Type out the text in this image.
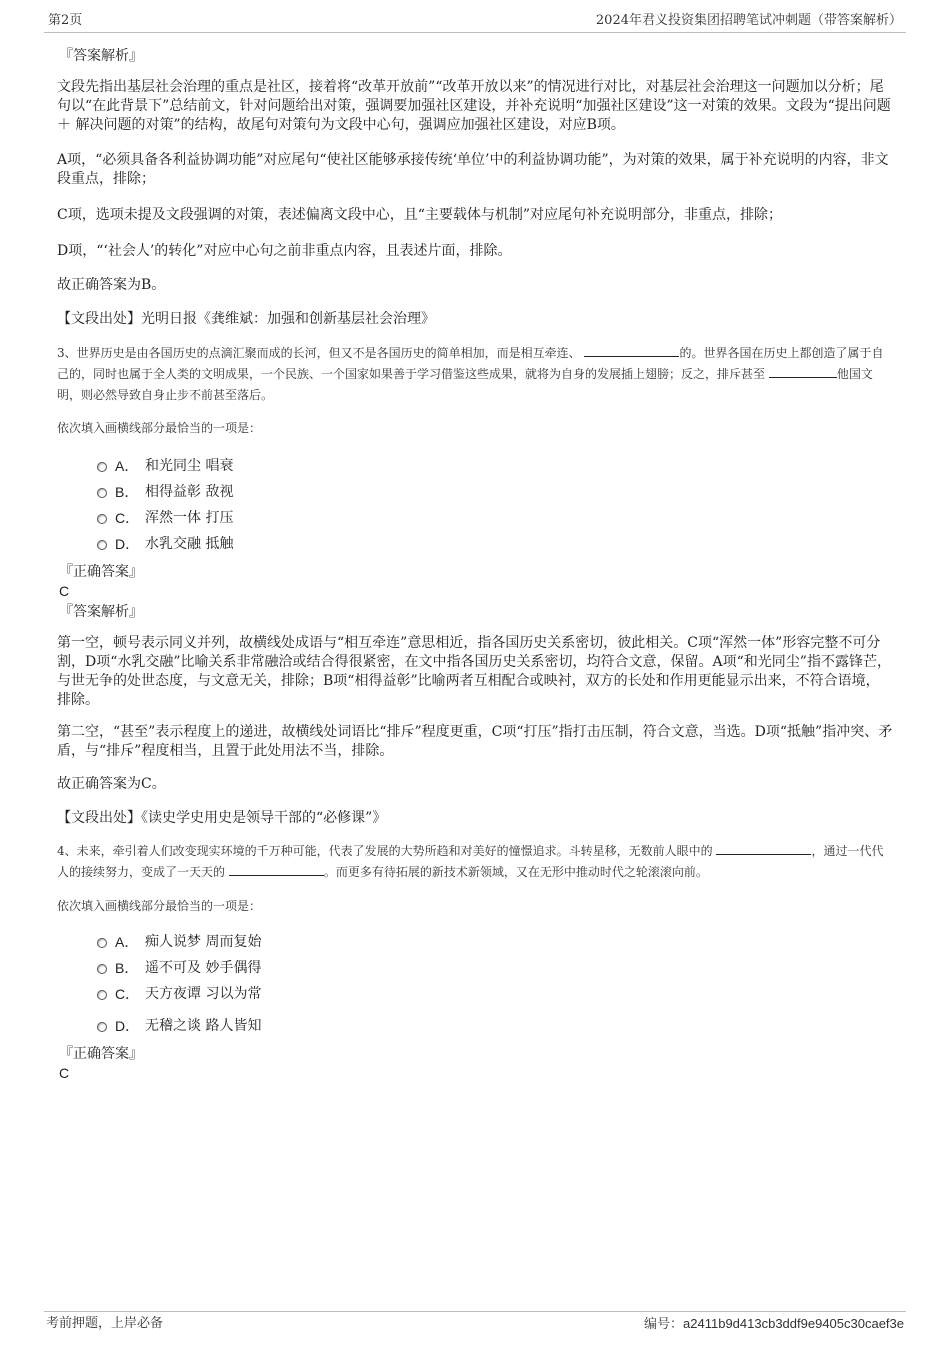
第2页	2024年君义投资集团招聘笔试冲刺题（带答案解析）
『答案解析』

文段先指出基层社会治理的重点是社区，接着将“改革开放前”“改革开放以来”的情况进行对比，对基层社会治理这一问题加以分析；尾句以“在此背景下”总结前文，针对问题给出对策，强调要加强社区建设，并补充说明“加强社区建设”这一对策的效果。文段为“提出问题 ＋ 解决问题的对策”的结构，故尾句对策句为文段中心句，强调应加强社区建设，对应B项。

A项，“必须具备各利益协调功能”对应尾句“使社区能够承接传统‘单位’中的利益协调功能”，为对策的效果，属于补充说明的内容，非文段重点，排除；

C项，选项未提及文段强调的对策，表述偏离文段中心，且“主要载体与机制”对应尾句补充说明部分，非重点，排除；

D项，“‘社会人’的转化”对应中心句之前非重点内容，且表述片面，排除。

故正确答案为B。

【文段出处】光明日报《龚维斌：加强和创新基层社会治理》

3、世界历史是由各国历史的点滴汇聚而成的长河，但又不是各国历史的简单相加，而是相互牵连、	的。世界各国在历史上都创造了属于自己的，同时也属于全人类的文明成果，一个民族、一个国家如果善于学习借鉴这些成果，就将为自身的发展插上翅膀；反之，排斥甚至	他国文明，则必然导致自身止步不前甚至落后。

依次填入画横线部分最恰当的一项是：
A． 和光同尘 唱衰
B． 相得益彰 敌视
C． 浑然一体 打压
D． 水乳交融 抵触
『正确答案』
C
『答案解析』

第一空，顿号表示同义并列，故横线处成语与“相互牵连”意思相近，指各国历史关系密切，彼此相关。C项“浑然一体”形容完整不可分割，D项“水乳交融”比喻关系非常融洽或结合得很紧密，在文中指各国历史关系密切，均符合文意，保留。A项“和光同尘”指不露锋芒，与世无争的处世态度，与文意无关，排除；B项“相得益彰”比喻两者互相配合或映衬，双方的长处和作用更能显示出来，不符合语境，排除。

第二空，“甚至”表示程度上的递进，故横线处词语比“排斥”程度更重，C项“打压”指打击压制，符合文意，当选。D项“抵触”指冲突、矛盾，与“排斥”程度相当，且置于此处用法不当，排除。

故正确答案为C。

【文段出处】《读史学史用史是领导干部的“必修课”》

4、未来，牵引着人们改变现实环境的千万种可能，代表了发展的大势所趋和对美好的憧憬追求。斗转星移，无数前人眼中的	，通过一代代人的接续努力，变成了一天天的	。而更多有待拓展的新技术新领域，又在无形中推动时代之轮滚滚向前。

依次填入画横线部分最恰当的一项是：
A． 痴人说梦 周而复始
B． 遥不可及 妙手偶得
C． 天方夜谭 习以为常
D． 无稽之谈 路人皆知
『正确答案』
C
考前押题，上岸必备	编号：a2411b9d413cb3ddf9e9405c30caef3e
